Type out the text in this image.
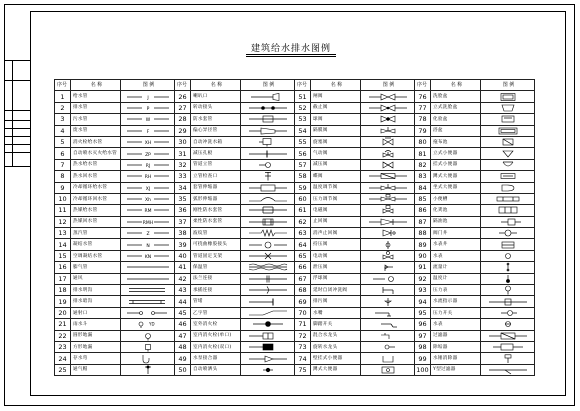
建筑给水排水图例
序号	名 称	图 例	序号	名 称	图 例	序号	名 称	图 例	序号	名 称	图 例
1	给水管	J	26	喇叭口		51	闸阀		76	洗脸盆	

2	排水管	P	27	转动接头		52	截止阀		77	立式洗脸盆	

3	污水管	W	28	防水套管		53	球阀		78	化验盆	

4	废水管	F	29	偏心异径管		54	隔膜阀		79	浴盆	

5	消火栓给水管	XH	30	自动冲洗水箱		55	旋塞阀		80	拖布池	

6	自动喷水灭火给水管	ZP	31	减压孔板		56	气动阀		81	立式小便器	

7	热水给水管	RJ	32	管道立管		57	减压阀		82	挂式小便器	

8	热水回水管	RH	33	立管检查口		58	蝶阀		83	蹲式大便器	

9	冷却循环给水管	XJ	34	套管伸缩器		59	温度调节阀		84	坐式大便器	

10	冷却循环回水管	Xh	35	弧形伸缩器		60	压力调节阀		85	小便槽	

11	热媒给水管	RM	36	刚性防水套管		61	电磁阀		86	化粪池	

12	热媒回水管	RMH	37	柔性防水套管		62	止回阀		87	隔油池	

13	蒸汽管	Z	38	波纹管		63	消声止回阀		88	阀门井	

14	凝结水管	N	39	可挠曲橡胶接头		64	持压阀		89	水表井	

15	空调凝结水管	KN	40	管道固定支架		65	电动阀		90	水表	

16	膨气管		41	保温管		66	泄压阀		91	流量计	

17	通风		42	法兰连接		67	浮球阀		92	温度计	

18	排水明沟		43	承插连接		68	延时自闭冲洗阀		93	压力表	

19	排水暗沟		44	管堵		69	排污阀		94	水流指示器	

20	通射口		45	乙字管		70	水嘴		95	压力开关	

21	雨水斗	YD	46	室外消火栓		71	脚踏开关		96	水表	

22	圆形地漏		47	室内消火栓(单口)		72	混合水龙头		97	过滤器	

23	方形地漏		48	室内消火栓(双口)		73	旋转水龙头		98	除垢器	

24	存水弯		49	水泵接合器		74	壁挂式小便器		99	水锤消除器	

25	通气帽		50	自动喷洒头		75	蹲式大便器		100	Y型过滤器	
